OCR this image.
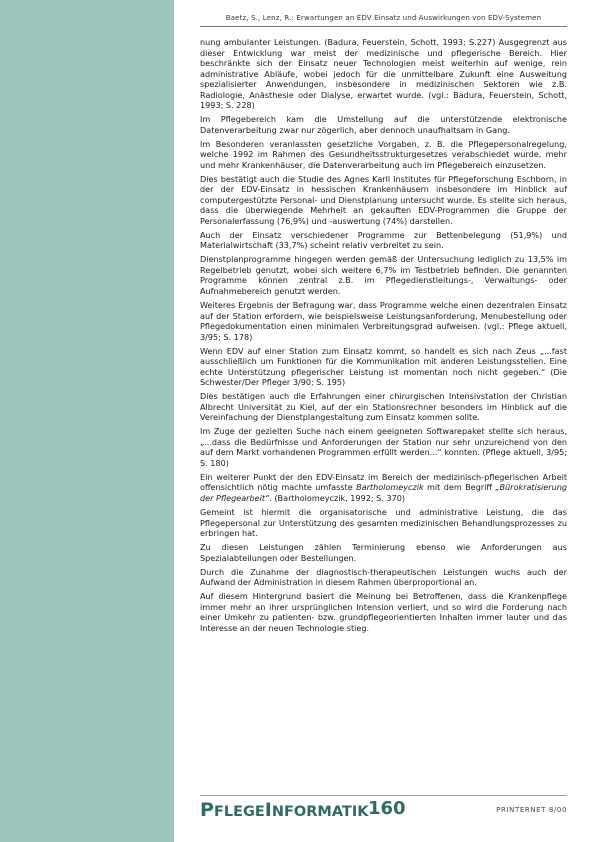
Baetz, S., Lenz, R.: Erwartungen an EDV Einsatz und Auswirkungen von EDV-Systemen

nung ambulanter Leistungen. (Badura, Feuerstein, Schott, 1993; S.227) Ausgegrenzt aus dieser Entwicklung war meist der medizinische und pflegerische Bereich. Hier beschränkte sich der Einsatz neuer Technologien meist weiterhin auf wenige, rein administrative Abläufe, wobei jedoch für die unmittelbare Zukunft eine Ausweitung spezialisierter Anwendungen, insbesondere in medizinischen Sektoren wie z.B. Radiologie, Anästhesie oder Dialyse, erwartet wurde. (vgl.: Badura, Feuerstein, Schott, 1993; S. 228)

Im Pflegebereich kam die Umstellung auf die unterstützende elektronische Datenverarbeitung zwar nur zögerlich, aber dennoch unaufhaltsam in Gang.

Im Besonderen veranlassten gesetzliche Vorgaben, z. B. die Pflegepersonalregelung, welche 1992 im Rahmen des Gesundheitsstrukturgesetzes verabschiedet wurde, mehr und mehr Krankenhäuser, die Datenverarbeitung auch im Pflegebereich einzusetzen.

Dies bestätigt auch die Studie des Agnes Karll Institutes für Pflegeforschung Eschborn, in der der EDV-Einsatz in hessischen Krankenhäusern insbesondere im Hinblick auf computergestützte Personal- und Dienstplanung untersucht wurde. Es stellte sich heraus, dass die überwiegende Mehrheit an gekauften EDV-Programmen die Gruppe der Personalerfassung (76,9%) und -auswertung (74%) darstellen.

Auch der Einsatz verschiedener Programme zur Bettenbelegung (51,9%) und Materialwirtschaft (33,7%) scheint relativ verbreitet zu sein.

Dienstplanprogramme hingegen werden gemäß der Untersuchung lediglich zu 13,5% im Regelbetrieb genutzt, wobei sich weitere 6,7% im Testbetrieb befinden. Die genannten Programme können zentral z.B. im Pflegedienstleitungs-, Verwaltungs- oder Aufnahmebereich genutzt werden.

Weiteres Ergebnis der Befragung war, dass Programme welche einen dezentralen Einsatz auf der Station erfordern, wie beispielsweise Leistungsanforderung, Menubestellung oder Pflegedokumentation einen minimalen Verbreitungsgrad aufweisen. (vgl.: Pflege aktuell, 3/95; S. 178)

Wenn EDV auf einer Station zum Einsatz kommt, so handelt es sich nach Zeus „...fast ausschließlich um Funktionen für die Kommunikation mit anderen Leistungsstellen. Eine echte Unterstützung pflegerischer Leistung ist momentan noch nicht gegeben.“ (Die Schwester/Der Pfleger 3/90; S. 195)

Dies bestätigen auch die Erfahrungen einer chirurgischen Intensivstation der Christian Albrecht Universität zu Kiel, auf der ein Stationsrechner besonders im Hinblick auf die Vereinfachung der Dienstplangestaltung zum Einsatz kommen sollte.

Im Zuge der gezielten Suche nach einem geeigneten Softwarepaket stellte sich heraus, „...dass die Bedürfnisse und Anforderungen der Station nur sehr unzureichend von den auf dem Markt vorhandenen Programmen erfüllt werden...“ konnten. (Pflege aktuell, 3/95; S. 180)

Ein weiterer Punkt der den EDV-Einsatz im Bereich der medizinisch-pflegerischen Arbeit offensichtlich nötig machte umfasste Bartholomeyczik mit dem Begriff „Bürokratisierung der Pflegearbeit“. (Bartholomeyczik, 1992; S. 370)

Gemeint ist hiermit die organisatorische und administrative Leistung, die das Pflegepersonal zur Unterstützung des gesamten medizinischen Behandlungsprozesses zu erbringen hat.

Zu diesen Leistungen zählen Terminierung ebenso wie Anforderungen aus Spezialabteilungen oder Bestellungen.

Durch die Zunahme der diagnostisch-therapeutischen Leistungen wuchs auch der Aufwand der Administration in diesem Rahmen überproportional an.

Auf diesem Hintergrund basiert die Meinung bei Betroffenen, dass die Krankenpflege immer mehr an ihrer ursprünglichen Intension verliert, und so wird die Forderung nach einer Umkehr zu patienten- bzw. grundpflegeorientierten Inhalten immer lauter und das Interesse an der neuen Technologie stieg.

PFLEGEINFORMATIK 160	PRINTERNET 8/00
